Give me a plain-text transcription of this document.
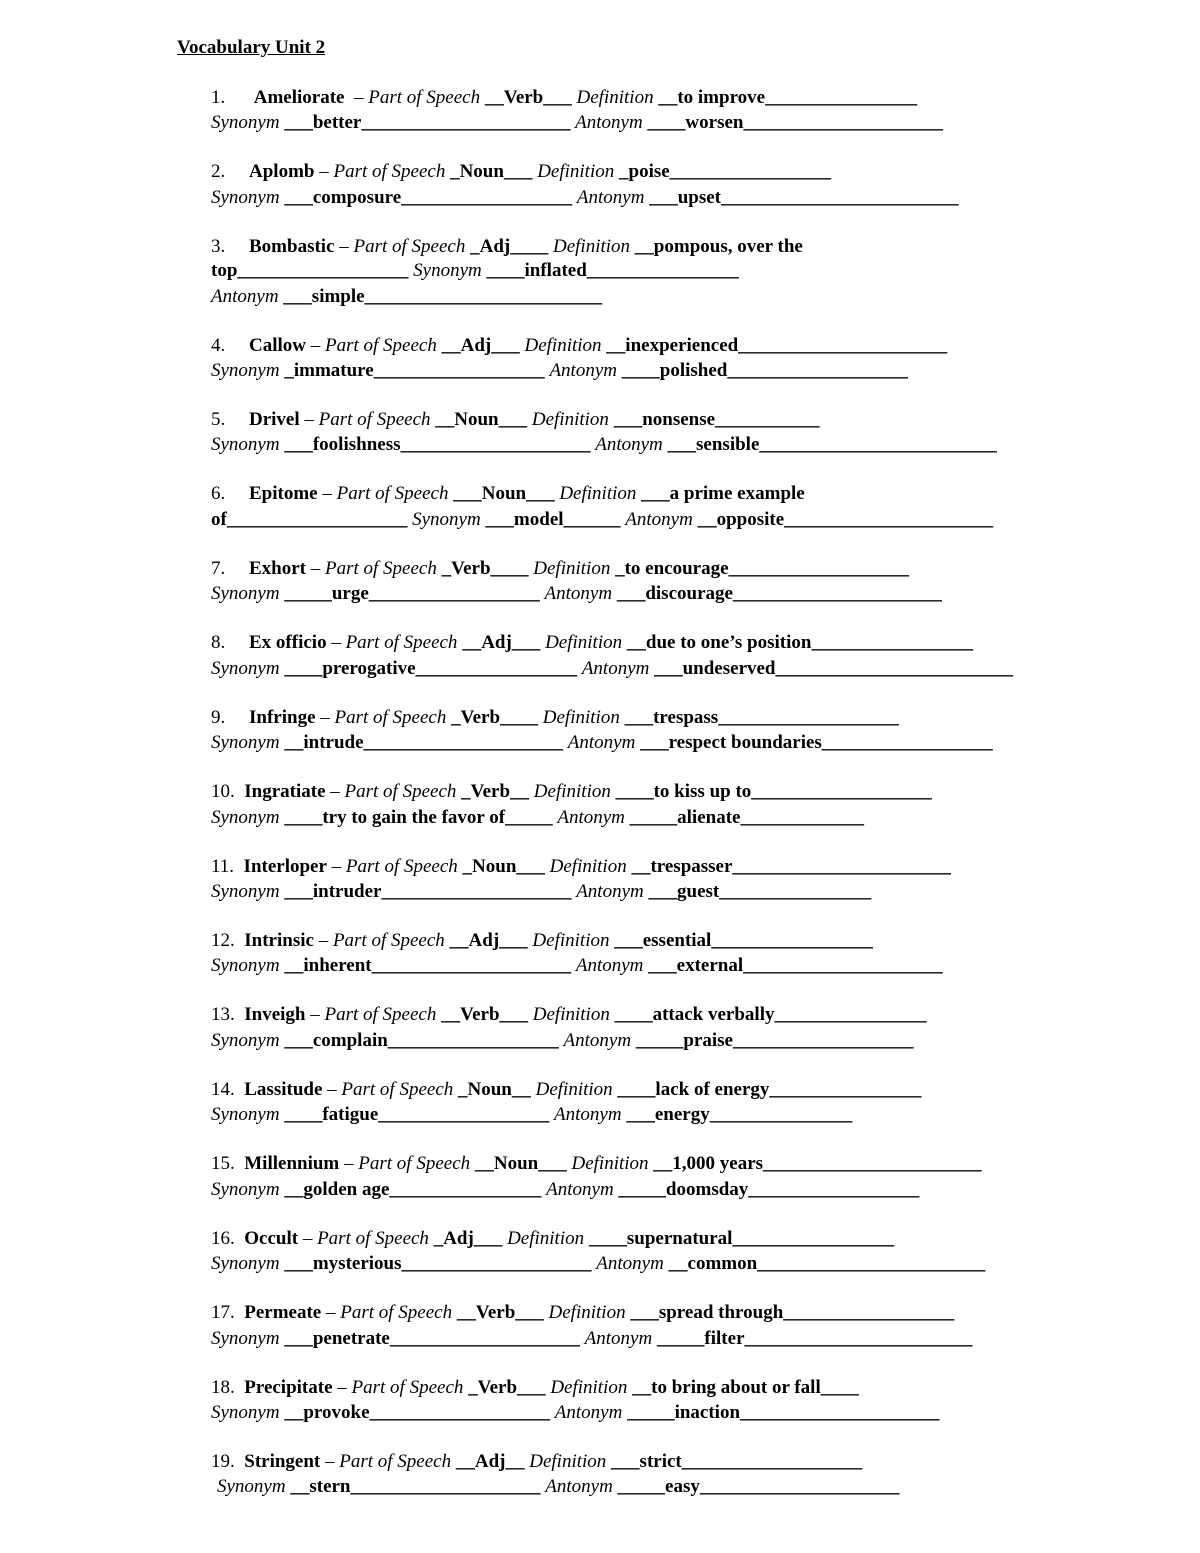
Vocabulary Unit 2
1.      Ameliorate  – Part of Speech __Verb___ Definition __to improve________________
Synonym ___better______________________ Antonym ____worsen_____________________
2.     Aplomb – Part of Speech _Noun___ Definition _poise_________________
Synonym ___composure__________________ Antonym ___upset_________________________
3.     Bombastic – Part of Speech _Adj____ Definition __pompous, over the
top__________________ Synonym ____inflated________________
Antonym ___simple_________________________
4.     Callow – Part of Speech __Adj___ Definition __inexperienced______________________
Synonym _immature__________________ Antonym ____polished___________________
5.     Drivel – Part of Speech __Noun___ Definition ___nonsense___________
Synonym ___foolishness____________________ Antonym ___sensible_________________________
6.     Epitome – Part of Speech ___Noun___ Definition ___a prime example
of___________________ Synonym ___model______ Antonym __opposite______________________
7.     Exhort – Part of Speech _Verb____ Definition _to encourage___________________
Synonym _____urge__________________ Antonym ___discourage______________________
8.     Ex officio – Part of Speech __Adj___ Definition __due to one’s position_________________
Synonym ____prerogative_________________ Antonym ___undeserved_________________________
9.     Infringe – Part of Speech _Verb____ Definition ___trespass___________________
Synonym __intrude_____________________ Antonym ___respect boundaries__________________
10.  Ingratiate – Part of Speech _Verb__ Definition ____to kiss up to___________________
Synonym ____try to gain the favor of_____ Antonym _____alienate_____________
11.  Interloper – Part of Speech _Noun___ Definition __trespasser_______________________
Synonym ___intruder____________________ Antonym ___guest________________
12.  Intrinsic – Part of Speech __Adj___ Definition ___essential_________________
Synonym __inherent_____________________ Antonym ___external_____________________
13.  Inveigh – Part of Speech __Verb___ Definition ____attack verbally________________
Synonym ___complain__________________ Antonym _____praise___________________
14.  Lassitude – Part of Speech _Noun__ Definition ____lack of energy________________
Synonym ____fatigue__________________ Antonym ___energy_______________
15.  Millennium – Part of Speech __Noun___ Definition __1,000 years_______________________
Synonym __golden age________________ Antonym _____doomsday__________________
16.  Occult – Part of Speech _Adj___ Definition ____supernatural_________________
Synonym ___mysterious____________________ Antonym __common________________________
17.  Permeate – Part of Speech __Verb___ Definition ___spread through__________________
Synonym ___penetrate____________________ Antonym _____filter________________________
18.  Precipitate – Part of Speech _Verb___ Definition __to bring about or fall____
Synonym __provoke___________________ Antonym _____inaction_____________________
19.  Stringent – Part of Speech __Adj__ Definition ___strict___________________
Synonym __stern____________________ Antonym _____easy_____________________
